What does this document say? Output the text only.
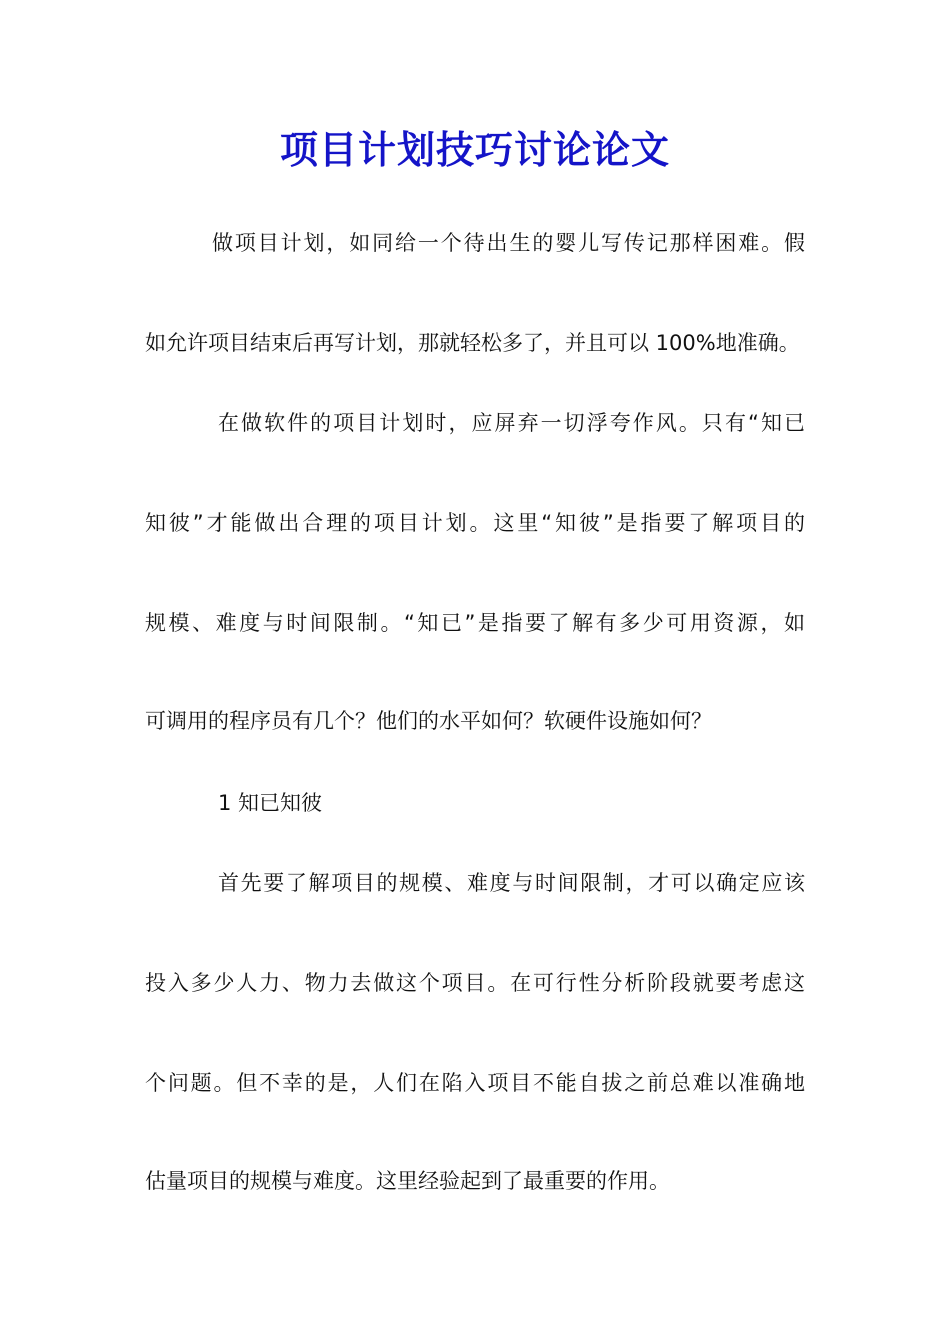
项目计划技巧讨论论文
做项目计划，如同给一个待出生的婴儿写传记那样困难。假
如允许项目结束后再写计划，那就轻松多了，并且可以 100%地准确。
在做软件的项目计划时，应屏弃一切浮夸作风。只有“知已
知彼”才能做出合理的项目计划。这里“知彼”是指要了解项目的
规模、难度与时间限制。“知已”是指要了解有多少可用资源，如
可调用的程序员有几个？他们的水平如何？软硬件设施如何？
1 知已知彼
首先要了解项目的规模、难度与时间限制，才可以确定应该
投入多少人力、物力去做这个项目。在可行性分析阶段就要考虑这
个问题。但不幸的是，人们在陷入项目不能自拔之前总难以准确地
估量项目的规模与难度。这里经验起到了最重要的作用。
